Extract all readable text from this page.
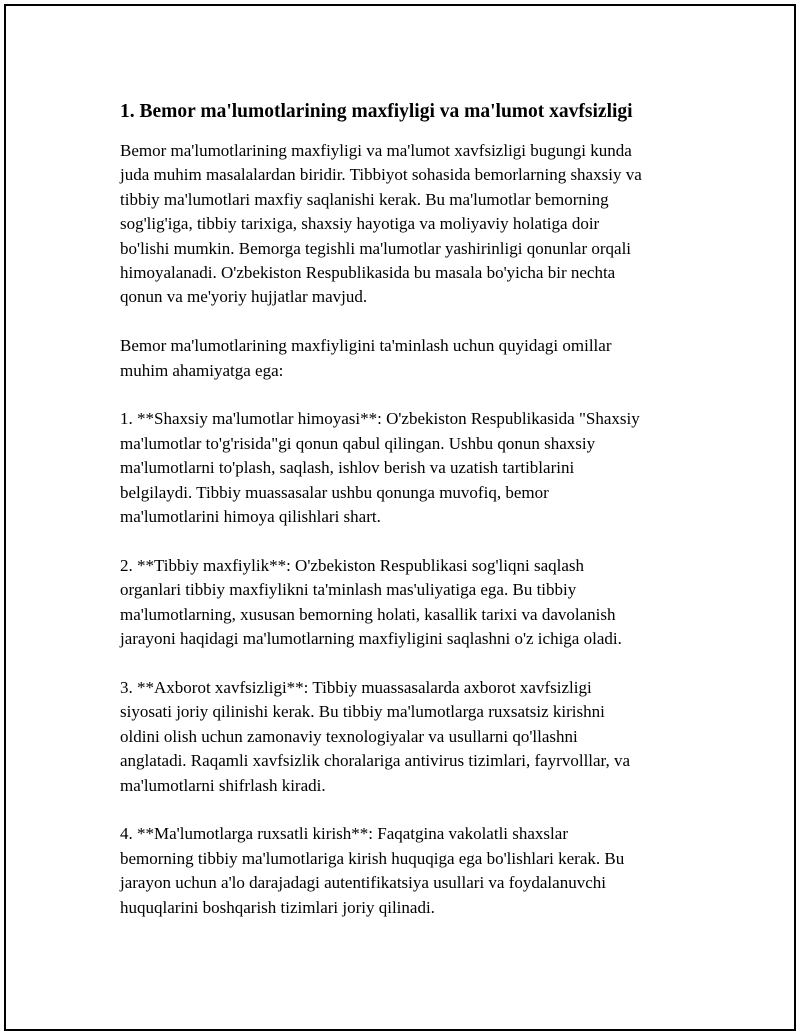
1. Bemor ma'lumotlarining maxfiyligi va ma'lumot xavfsizligi

Bemor ma'lumotlarining maxfiyligi va ma'lumot xavfsizligi bugungi kunda
juda muhim masalalardan biridir. Tibbiyot sohasida bemorlarning shaxsiy va
tibbiy ma'lumotlari maxfiy saqlanishi kerak. Bu ma'lumotlar bemorning
sog'lig'iga, tibbiy tarixiga, shaxsiy hayotiga va moliyaviy holatiga doir
bo'lishi mumkin. Bemorga tegishli ma'lumotlar yashirinligi qonunlar orqali
himoyalanadi. O'zbekiston Respublikasida bu masala bo'yicha bir nechta
qonun va me'yoriy hujjatlar mavjud.

Bemor ma'lumotlarining maxfiyligini ta'minlash uchun quyidagi omillar
muhim ahamiyatga ega:

1. **Shaxsiy ma'lumotlar himoyasi**: O'zbekiston Respublikasida "Shaxsiy
ma'lumotlar to'g'risida"gi qonun qabul qilingan. Ushbu qonun shaxsiy
ma'lumotlarni to'plash, saqlash, ishlov berish va uzatish tartiblarini
belgilaydi. Tibbiy muassasalar ushbu qonunga muvofiq, bemor
ma'lumotlarini himoya qilishlari shart.

2. **Tibbiy maxfiylik**: O'zbekiston Respublikasi sog'liqni saqlash
organlari tibbiy maxfiylikni ta'minlash mas'uliyatiga ega. Bu tibbiy
ma'lumotlarning, xususan bemorning holati, kasallik tarixi va davolanish
jarayoni haqidagi ma'lumotlarning maxfiyligini saqlashni o'z ichiga oladi.

3. **Axborot xavfsizligi**: Tibbiy muassasalarda axborot xavfsizligi
siyosati joriy qilinishi kerak. Bu tibbiy ma'lumotlarga ruxsatsiz kirishni
oldini olish uchun zamonaviy texnologiyalar va usullarni qo'llashni
anglatadi. Raqamli xavfsizlik choralariga antivirus tizimlari, fayrvolllar, va
ma'lumotlarni shifrlash kiradi.

4. **Ma'lumotlarga ruxsatli kirish**: Faqatgina vakolatli shaxslar
bemorning tibbiy ma'lumotlariga kirish huquqiga ega bo'lishlari kerak. Bu
jarayon uchun a'lo darajadagi autentifikatsiya usullari va foydalanuvchi
huquqlarini boshqarish tizimlari joriy qilinadi.
